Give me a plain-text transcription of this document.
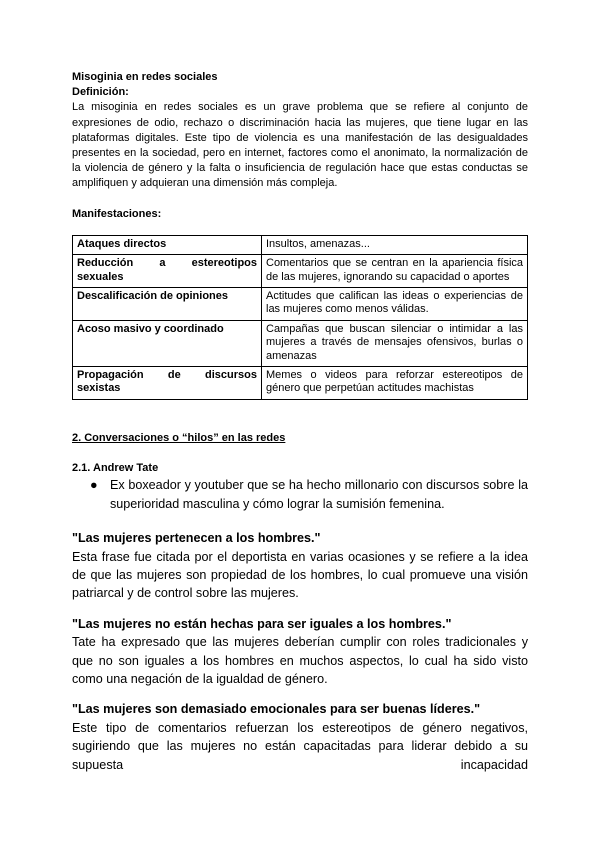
Misoginia en redes sociales
Definición:

La misoginia en redes sociales es un grave problema que se refiere al conjunto de expresiones de odio, rechazo o discriminación hacia las mujeres, que tiene lugar en las plataformas digitales. Este tipo de violencia es una manifestación de las desigualdades presentes en la sociedad, pero en internet, factores como el anonimato, la normalización de la violencia de género y la falta o insuficiencia de regulación hace que estas conductas se amplifiquen y adquieran una dimensión más compleja.

Manifestaciones:
Ataques directos	Insultos, amenazas...
Reducción a estereotipos sexuales	Comentarios que se centran en la apariencia física de las mujeres, ignorando su capacidad o aportes
Descalificación de opiniones	Actitudes que califican las ideas o experiencias de las mujeres como menos válidas.
Acoso masivo y coordinado	Campañas que buscan silenciar o intimidar a las mujeres a través de mensajes ofensivos, burlas o amenazas
Propagación de discursos sexistas	Memes o videos para reforzar estereotipos de género que perpetúan actitudes machistas
2. Conversaciones o “hilos” en las redes
2.1. Andrew Tate
● Ex boxeador y youtuber que se ha hecho millonario con discursos sobre la superioridad masculina y cómo lograr la sumisión femenina.
"Las mujeres pertenecen a los hombres."

Esta frase fue citada por el deportista en varias ocasiones y se refiere a la idea de que las mujeres son propiedad de los hombres, lo cual promueve una visión patriarcal y de control sobre las mujeres.

"Las mujeres no están hechas para ser iguales a los hombres."

Tate ha expresado que las mujeres deberían cumplir con roles tradicionales y que no son iguales a los hombres en muchos aspectos, lo cual ha sido visto como una negación de la igualdad de género.

"Las mujeres son demasiado emocionales para ser buenas líderes."

Este tipo de comentarios refuerzan los estereotipos de género negativos, sugiriendo que las mujeres no están capacitadas para liderar debido a su supuesta incapacidad
